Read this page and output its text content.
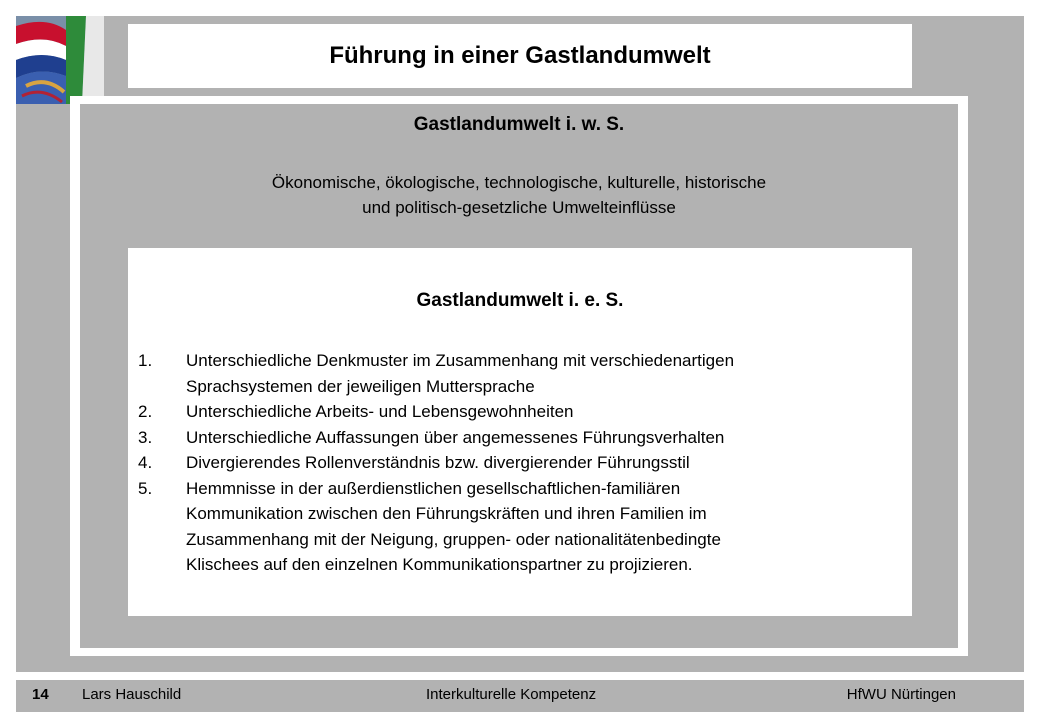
Führung in einer Gastlandumwelt
Gastlandumwelt i. w. S.
Ökonomische, ökologische, technologische, kulturelle, historische
und politisch-gesetzliche Umwelteinflüsse
Gastlandumwelt i. e. S.
1.	Unterschiedliche Denkmuster im Zusammenhang mit verschiedenartigen
Sprachsystemen der jeweiligen Muttersprache
2.	Unterschiedliche Arbeits- und Lebensgewohnheiten
3.	Unterschiedliche Auffassungen über angemessenes Führungsverhalten
4.	Divergierendes Rollenverständnis bzw. divergierender Führungsstil
5.	Hemmnisse in der außerdienstlichen gesellschaftlichen-familiären
Kommunikation zwischen den Führungskräften und ihren Familien im
Zusammenhang mit der Neigung, gruppen- oder nationalitätenbedingte
Klischees auf den einzelnen Kommunikationspartner zu projizieren.
14 Lars Hauschild	Interkulturelle Kompetenz	HfWU Nürtingen
